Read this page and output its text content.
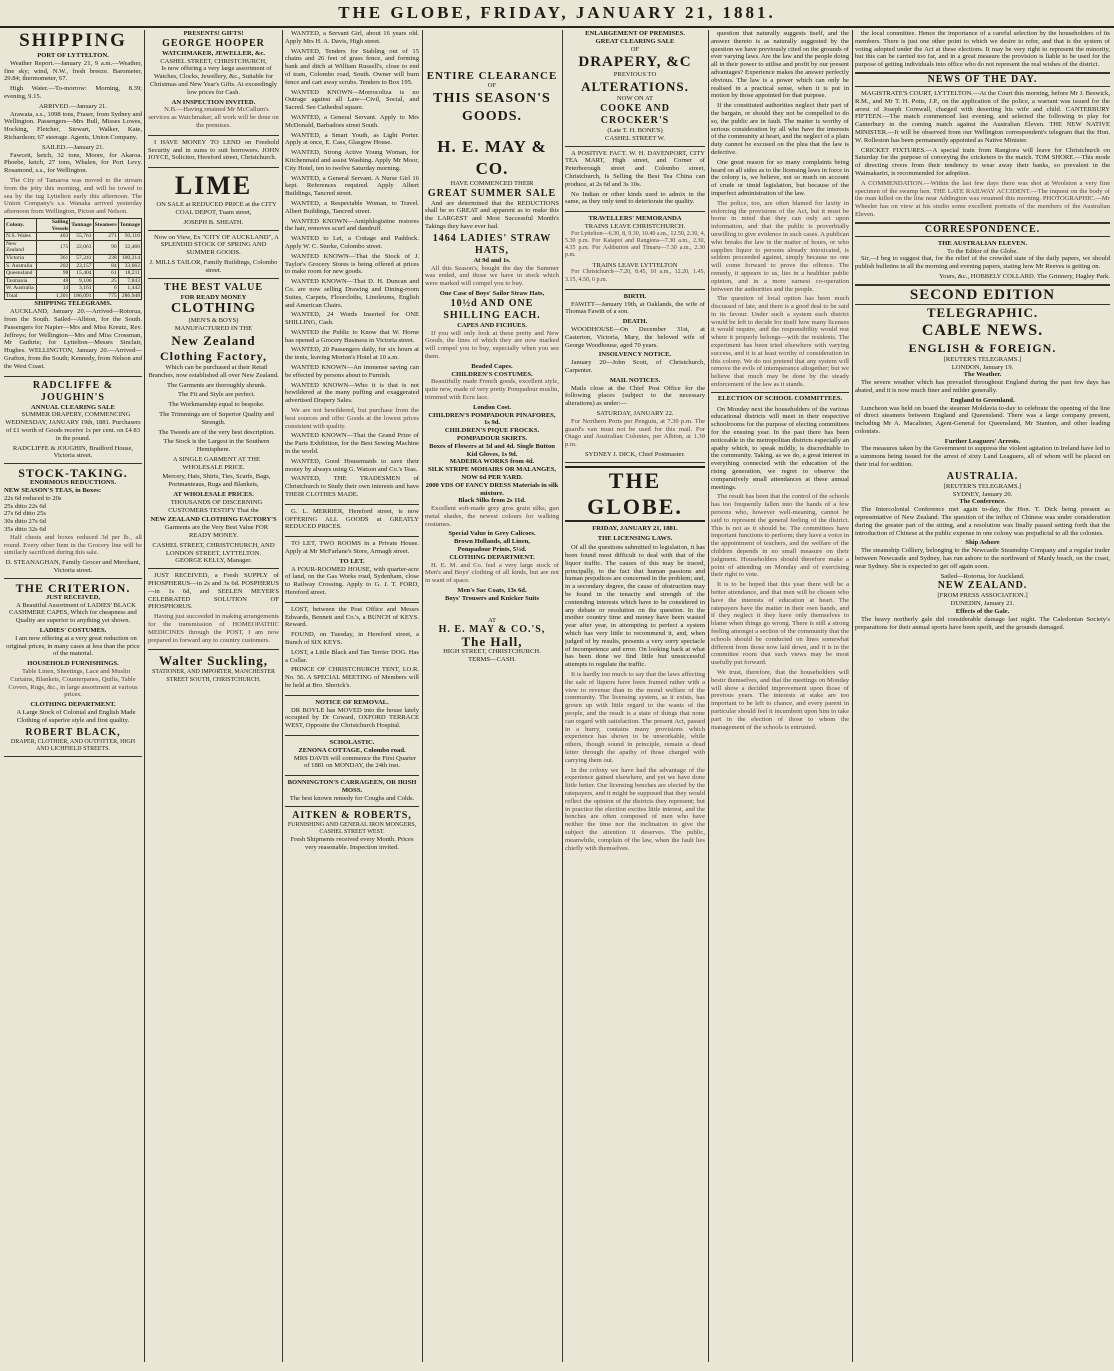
THE GLOBE, FRIDAY, JANUARY 21, 1881.
SHIPPING
PORT OF LYTTELTON.

Weather Report.—January 21, 9 a.m.—Weather, fine sky; wind, N.W., fresh breeze. Barometer, 29.84; thermometer, 67.

High Water.—To-morrow: Morning, 8.39; evening, 9.15.

ARRIVED.—January 21.

Arawata, s.s., 1098 tons, Fraser, from Sydney and Wellington. Passengers—Mrs Bull, Misses Lowes, Hocking, Fletcher, Stewart, Walker, Kate, Richardson; 67 steerage. Agents, Union Company.

SAILED.—January 21.

Fawcett, ketch, 32 tons, Moore, for Akaroa. Phoebe, ketch, 27 tons, Whalen, for Port Levy. Rosamond, s.s., for Wellington.

The City of Tamaroa was moved to the stream from the jetty this morning, and will be towed to sea by the tug Lyttelton early this afternoon. The Union Company's s.s. Wanaka arrived yesterday afternoon from Wellington, Picton and Nelson.

Colony.	Sailing Vessels	Tonnage	Steamers	Tonnage
N.S. Wales	403	55,761	271	93,110
New Zealand	175	22,061	90	32,466
Victoria	361	57,241	238	100,214
S. Australia	202	23,157	84	33,662
Queensland	98	15,404	61	18,211
Tasmania	48	9,106	25	7,843
W. Australia	14	3,161	6	1,442
Total	1,301	186,091	775	286,948
SHIPPING TELEGRAMS.

AUCKLAND, January 20.—Arrived—Rotorua, from the South. Sailed—Albion, for the South. Passengers for Napier—Mrs and Miss Kreutz, Rev. Jeffreys; for Wellington—Mrs and Miss Crossman, Mr Guthrie; for Lyttelton—Messrs Sinclair, Hughes. WELLINGTON, January 20.—Arrived—Grafton, from the South; Kennedy, from Nelson and the West Coast.

RADCLIFFE & JOUGHIN'S
ANNUAL CLEARING SALE

SUMMER DRAPERY, COMMENCING WEDNESDAY, JANUARY 19th, 1881. Purchasers of £1 worth of Goods receive 1s per cent. on £4 83 in the pound.

RADCLIFFE & JOUGHIN, Bradford House, Victoria street.
STOCK-TAKING.
ENORMOUS REDUCTIONS.
NEW SEASON'S TEAS, in Boxes:
22s 6d reduced to 20s
25s ditto 22s 6d
27s 6d ditto 25s
30s ditto 27s 6d
35s ditto 32s 6d

Half chests and boxes reduced 3d per lb., all round. Every other Item in the Grocery line will be similarly sacrificed during this sale.

D. STEANAGHAN, Family Grocer and Merchant, Victoria street.
THE CRITERION.
JUST RECEIVED,

A Beautiful Assortment of LADIES' BLACK CASHMERE CAPES, Which for cheapness and Quality are superior to anything yet shown.

LADIES' COSTUMES.

I am now offering at a very great reduction on original prices, in many cases at less than the price of the material.

HOUSEHOLD FURNISHINGS.

Table Linen, Sheetings, Lace and Muslin Curtains, Blankets, Counterpanes, Quilts, Table Covers, Rugs, &c., in large assortment at various prices.

CLOTHING DEPARTMENT.

A Large Stock of Colonial and English Made Clothing of superior style and first quality.

ROBERT BLACK,
DRAPER, CLOTHIER, AND OUTFITTER, HIGH AND LICHFIELD STREETS.
PRESENTS! GIFTS!
GEORGE HOOPER
WATCHMAKER, JEWELLER, &c.
CASHEL STREET, CHRISTCHURCH,

Is now offering a very large assortment of Watches, Clocks, Jewellery, &c., Suitable for Christmas and New Year's Gifts. At exceedingly low prices for Cash.

AN INSPECTION INVITED.

N.B.—Having retained Mr McCallum's services as Watchmaker, all work will be done on the premises.

I HAVE MONEY TO LEND on Freehold Security and in sums to suit borrowers. JOHN JOYCE, Solicitor, Hereford street, Christchurch.

LIME

ON SALE at REDUCED PRICE at the CITY COAL DEPOT, Tuam street,

JOSEPH B. SHEATH.

Now on View, Ex "CITY OF AUCKLAND", A SPLENDID STOCK OF SPRING AND SUMMER GOODS.

J. MILLS TAILOR, Family Buildings, Colombo street.
THE BEST VALUE
FOR READY MONEY
CLOTHING
(MEN'S & BOYS)
MANUFACTURED IN THE
New Zealand
Clothing Factory,

Which can be purchased at their Retail Branches, now established all over New Zealand.

The Garments are thoroughly shrunk.

The Fit and Style are perfect.

The Workmanship equal to bespoke.

The Trimmings are of Superior Quality and Strength.

The Tweeds are of the very best description.

The Stock is the Largest in the Southern Hemisphere.

A SINGLE GARMENT AT THE WHOLESALE PRICE.

Mercery, Hats, Shirts, Ties, Scarfs, Bags, Portmanteaus, Rugs and Blankets,

AT WHOLESALE PRICES.

THOUSANDS OF DISCERNING CUSTOMERS TESTIFY That the

NEW ZEALAND CLOTHING FACTORY'S

Garments are the Very Best Value FOR READY MONEY.

CASHEL STREET, CHRISTCHURCH, AND LONDON STREET, LYTTELTON.
GEORGE KELLY, Manager.

JUST RECEIVED, a Fresh SUPPLY of PHOSPHERUS—in 2s and 3s 6d. POSPHERUS—in 1s 6d, and SEELEN MEYER'S CELEBRATED SOLUTION OF PHOSPHORUS.

Having just succeeded in making arrangements for the transmission of HOMEOPATHIC MEDICINES through the POST, I am now prepared to forward any to country customers.

Walter Suckling,
STATIONER, AND IMPORTER, MANCHESTER STREET SOUTH, CHRISTCHURCH.

WANTED, a Servant Girl, about 16 years old. Apply Mrs H. A. Davis, High street.

WANTED, Tenders for Stabling out of 15 chains and 26 feet of grass fence, and forming bank and ditch at William Russell's, close to end of tram, Colombo road, South. Owner will burn fence and cart away scrubs. Tenders to Box 195.

WANTED KNOWN—Morrocoliza is no Outrage against all Law—Civil, Social, and Sacred. See Cathedral square.

WANTED, a General Servant. Apply to Mrs McDonald, Barbadoes street South.

WANTED, a Smart Youth, as Light Porter. Apply at once, E. Cass, Glasgow House.

WANTED, Strong Active Young Woman, for Kitchenmaid and assist Washing. Apply Mr Moor, City Hotel, ten to twelve Saturday morning.

WANTED, a General Servant. A Nurse Girl 16 kept. References required. Apply Albert Buildings, Tancred street.

WANTED, a Respectable Woman, to Travel. Albert Buildings, Tancred street.

WANTED KNOWN—Antiphlogistine restores the hair, removes scurf and dandruff.

WANTED to Let, a Cottage and Paddock. Apply W. C. Sturke, Colombo street.

WANTED KNOWN—That the Stock of J. Taylor's Grocery Stores is being offered at prices to make room for new goods.

WANTED KNOWN—That D. H. Duncan and Co. are now selling Drawing and Dining-room Suites, Carpets, Floorcloths, Linoleums, English and American Chairs.

WANTED, 24 Words Inserted for ONE SHILLING, Cash.

WANTED the Public to Know that W. Horne has opened a Grocery Business in Victoria street.

WANTED, 20 Passengers daily, for six hours at the tents, leaving Morton's Hotel at 10 a.m.

WANTED KNOWN—An immense saving can be effected by persons about to Furnish.

WANTED KNOWN—Who it is that is not bewildered at the many puffing and exaggerated advertised Drapery Sales.

We are not bewildered, but purchase from the best sources and offer Goods at the lowest prices consistent with quality.

WANTED KNOWN—That the Grand Prize of the Paris Exhibition, for the Best Sewing Machine in the world.

WANTED, Good Housemaids to save their money by always using G. Watson and Co.'s Teas.

WANTED, THE TRADESMEN of Christchurch to Study their own interests and have THEIR CLOTHES MADE.

G. L. MERRIER, Hereford street, is now OFFERING ALL GOODS at GREATLY REDUCED PRICES.

TO LET, TWO ROOMS in a Private House. Apply at Mr McFarlane's Store, Armagh street.

TO LET.

A FOUR-ROOMED HOUSE, with quarter-acre of land, on the Gas Works road, Sydenham, close to Railway Crossing. Apply to G. J. T. FORD, Hereford street.

LOST, between the Post Office and Messrs Edwards, Bennett and Co.'s, a BUNCH of KEYS. Reward.

FOUND, on Tuesday, in Hereford street, a Bunch of SIX KEYS.

LOST, a Little Black and Tan Terrier DOG. Has a Collar.

PRINCE OF CHRISTCHURCH TENT, I.O.R. No. 56. A SPECIAL MEETING of Members will be held at Bro. Sherick's.

NOTICE OF REMOVAL.

DR BOYLE has MOVED into the house lately occupied by Dr Coward, OXFORD TERRACE WEST, Opposite the Christchurch Hospital.

SCHOLASTIC.
ZENONA COTTAGE, Colombo road.

MRS DAVIS will commence the First Quarter of 1881 on MONDAY, the 24th inst.

BONNINGTON'S CARRAGEEN, OR IRISH MOSS.
The best known remedy for Coughs and Colds.
AITKEN & ROBERTS,
FURNISHING AND GENERAL IRON MONGERS, CASHEL STREET WEST.
Fresh Shipments received every Month. Prices very reasonable. Inspection invited.
ENTIRE CLEARANCE
OF
THIS SEASON'S
GOODS.
H. E. MAY & CO.
HAVE COMMENCED THEIR
GREAT SUMMER SALE

And are determined that the REDUCTIONS shall be so GREAT and apparent as to make this the LARGEST and Most Successful Month's Takings they have ever had.

1464 LADIES' STRAW HATS,
At 9d and 1s.

All this Season's, bought the day the Summer was ended, and those we have in stock which were marked will compel you to buy.

One Case of Boys' Sailor Straw Hats,
10½d AND ONE SHILLING EACH.
CAPES AND FICHUES.

If you will only look at these pretty and New Goods, the lines of which they are now marked will compel you to buy, especially when you see them.

Beaded Capes.
CHILDREN'S COSTUMES.

Beautifully made French goods, excellent style, quite new, made of very pretty Pompadour muslin, trimmed with Ecru lace.

London Cost.
CHILDREN'S POMPADOUR PINAFORES, 1s 9d.
CHILDREN'S PIQUE FROCKS.
POMPADOUR SKIRTS.
Boxes of Flowers at 3d and 4d. Single Button Kid Gloves, 1s 9d.
MADEIRA WORKS from 4d.
SILK STRIPE MOHAIRS OR MALANGES, NOW 6d PER YARD.
2000 YDS OF FANCY DRESS Materials in silk mixture.
Black Silks from 2s 11d.

Excellent soft-made grey gros grain silks, gun metal shades, the newest colours for walking costumes.

Special Value in Grey Calicoes.
Brown Hollands, all Linen,
Pompadour Prints, 5½d.
CLOTHING DEPARTMENT.

H. E. M. and Co. feel a very large stock of Men's and Boys' clothing of all kinds, but are not in want of space.

Men's Sac Coats, 13s 6d.
Boys' Trousers and Knicker Suits
AT
H. E. MAY & CO.'S,
The Hall,
HIGH STREET, CHRISTCHURCH.
TERMS—CASH.
ENLARGEMENT OF PREMISES.
GREAT CLEARING SALE
OF
DRAPERY, &C
PREVIOUS TO
ALTERATIONS.
NOW ON AT
COOKE AND CROCKER'S
(Late T. H. BONE'S)
CASHEL STREET W.

A POSITIVE FACT. W. H. DAVENPORT, CITY TEA MART, High street, and Corner of Peterborough street and Colombo street, Christchurch, Is Selling the Best Tea China can produce, at 2s 6d and 3s 10s.

No Indian or other kinds used to admix in the same, as they only tend to deteriorate the quality.

TRAVELLERS' MEMORANDA
TRAINS LEAVE CHRISTCHURCH.

For Lyttelton—6.30, 8, 9.30, 10.40 a.m., 12.50, 2.30, 4, 5.30 p.m. For Kaiapoi and Rangiora—7.30 a.m., 2.30, 4.35 p.m. For Ashburton and Timaru—7.30 a.m., 2.30 p.m.

TRAINS LEAVE LYTTELTON

For Christchurch—7.20, 8.45, 10 a.m., 12.20, 1.45, 3.15, 4.50, 6 p.m.

BIRTH.

FAWITT—January 19th, at Oaklands, the wife of Thomas Fawitt of a son.

DEATH.

WOODHOUSE—On December 31st, at Casterton, Victoria, Mary, the beloved wife of George Woodhouse, aged 70 years.

INSOLVENCY NOTICE.

January 20—John Scott, of Christchurch, Carpenter.

MAIL NOTICES.

Mails close at the Chief Post Office for the following places (subject to the necessary alterations) as under:—

SATURDAY, JANUARY 22.

For Northern Ports per Penguin, at 7.30 p.m. The guard's van must not be used for this mail. For Otago and Australian Colonies, per Albion, at 1.30 p.m.

SYDNEY J. DICK, Chief Postmaster.
THE GLOBE.
FRIDAY, JANUARY 21, 1881.
THE LICENSING LAWS.

Of all the questions submitted to legislation, it has been found most difficult to deal with that of the liquor traffic. The causes of this may be traced, principally, to the fact that human passions and human prejudices are concerned in the problem; and, in a secondary degree, the cause of obstruction may be found in the tenacity and strength of the contending interests which have to be considered in any debate or resolution on the question. In the mother country time and money have been wasted year after year, in attempting to perfect a system which has very little to recommend it, and, when judged of by results, presents a very sorry spectacle of incompetence and error. On looking back at what has been done we find little but unsuccessful attempts to regulate the traffic.

It is hardly too much to say that the laws affecting the sale of liquors have been framed rather with a view to revenue than to the moral welfare of the community. The licensing system, as it exists, has grown up with little regard to the wants of the people, and the result is a state of things that none can regard with satisfaction. The present Act, passed in a hurry, contains many provisions which experience has shown to be unworkable, while others, though sound in principle, remain a dead letter through the apathy of those charged with carrying them out.

In the colony we have had the advantage of the experience gained elsewhere, and yet we have done little better. Our licensing benches are elected by the ratepayers, and it might be supposed that they would reflect the opinion of the districts they represent; but in practice the election excites little interest, and the benches are often composed of men who have neither the time nor the inclination to give the subject the attention it deserves. The public, meanwhile, complain of the law, when the fault lies chiefly with themselves.

question that naturally suggests itself, and the answer thereto is as naturally suggested by the question we have previously cited on the grounds of ever varying laws. Are the law and the people doing all in their power to utilise and profit by our present advantages? Experience makes the answer perfectly obvious. The law is a power which can only be realised in a practical sense, when it is put in motion by those appointed for that purpose.

If the constituted authorities neglect their part of the bargain, or should they not be compelled to do so, the public are in fault. The matter is worthy of serious consideration by all who have the interests of the community at heart, and the neglect of a plain duty cannot be excused on the plea that the law is defective.

One great reason for so many complaints being heard on all sides as to the licensing laws in force in the colony is, we believe, not so much on account of crude or timid legislation, but because of the imperfect administration of the law.

The police, too, are often blamed for laxity in enforcing the provisions of the Act, but it must be borne in mind that they can only act upon information, and that the public is proverbially unwilling to give evidence in such cases. A publican who breaks the law in the matter of hours, or who supplies liquor to persons already intoxicated, is seldom proceeded against, simply because no one will come forward to prove the offence. The remedy, it appears to us, lies in a healthier public opinion, and in a more earnest co-operation between the authorities and the people.

The question of local option has been much discussed of late, and there is a good deal to be said in its favour. Under such a system each district would be left to decide for itself how many licenses it would require, and the responsibility would rest where it properly belongs—with the residents. The experiment has been tried elsewhere with varying success, and it is at least worthy of consideration in this colony. We do not pretend that any system will remove the evils of intemperance altogether; but we believe that much may be done by the steady enforcement of the law as it stands.

ELECTION OF SCHOOL COMMITTEES.

On Monday next the householders of the various educational districts will meet in their respective schoolrooms for the purpose of electing committees for the ensuing year. In the past there has been noticeable in the metropolitan districts especially an apathy which, to speak mildly, is discreditable to the community. Taking, as we do, a great interest in everything connected with the education of the rising generation, we regret to observe the comparatively small attendances at these annual meetings.

The result has been that the control of the schools has too frequently fallen into the hands of a few persons who, however well-meaning, cannot be said to represent the general feeling of the district. This is not as it should be. The committees have important functions to perform; they have a voice in the appointment of teachers, and the welfare of the children depends in no small measure on their judgment. Householders should therefore make a point of attending on Monday and of exercising their right to vote.

It is to be hoped that this year there will be a better attendance, and that men will be chosen who have the interests of education at heart. The ratepayers have the matter in their own hands, and if they neglect it they have only themselves to blame when things go wrong. There is still a strong feeling amongst a section of the community that the schools should be conducted on lines somewhat different from those now laid down, and it is in the committee room that such views may be most usefully put forward.

We trust, therefore, that the householders will bestir themselves, and that the meetings on Monday will show a decided improvement upon those of previous years. The interests at stake are too important to be left to chance, and every parent in particular should feel it incumbent upon him to take part in the election of those to whom the management of the schools is entrusted.

the local committee. Hence the importance of a careful selection by the householders of its members. There is just one other point to which we desire to refer, and that is the system of voting adopted under the Act at these elections. It may be very right to represent the minority, but this can be carried too far, and in a great measure the provision is liable to be used for the purpose of getting individuals into office who do not represent the real wishes of the district.

NEWS OF THE DAY.

MAGISTRATE'S COURT, LYTTELTON.—At the Court this morning, before Mr J. Beswick, R.M., and Mr T. H. Potts, J.P., on the application of the police, a warrant was issued for the arrest of Joseph Cornwall, charged with deserting his wife and child. CANTERBURY FIFTEEN.—The match commenced last evening, and selected the following to play for Canterbury in the coming match against the Australian Eleven. THE NEW NATIVE MINISTER.—It will be observed from our Wellington correspondent's telegram that the Hon. W. Rolleston has been permanently appointed as Native Minister.

CRICKET FIXTURES.—A special train from Rangiora will leave for Christchurch on Saturday for the purpose of conveying the cricketers to the match. TOM SHORE.—This mode of directing rivers from their tendency to wear away their banks, so prevalent in the Waimakariri, is recommended for adoption.

A COMMENDATION.—Within the last few days there was shot at Woolston a very fine specimen of the swamp hen. THE LATE RAILWAY ACCIDENT.—The inquest on the body of the man killed on the line near Addington was resumed this morning. PHOTOGRAPHIC.—Mr Wheeler has on view at his studio some excellent portraits of the members of the Australian Eleven.

CORRESPONDENCE.
THE AUSTRALIAN ELEVEN.
To the Editor of the Globe.

Sir,—I beg to suggest that, for the relief of the crowded state of the daily papers, we should publish bulletins in all the morning and evening papers, stating how Mr Reeves is getting on.

Yours, &c., HOBBELY COLLARD. The Grinnery, Hagley Park.
SECOND EDITION
TELEGRAPHIC.
CABLE NEWS.
ENGLISH & FOREIGN.
[REUTER'S TELEGRAMS.]
LONDON, January 19.
The Weather.

The severe weather which has prevailed throughout England during the past few days has abated, and it is now much finer and milder generally.

England to Greenland.

Luncheon was held on board the steamer Moldavia to-day to celebrate the opening of the line of direct steamers between England and Queensland. There was a large company present, including Mr A. Macalister, Agent-General for Queensland, Mr Stanton, and other leading colonists.

Further Leaguers' Arrests.

The measures taken by the Government to suppress the violent agitation in Ireland have led to a summons being issued for the arrest of sixty Land Leaguers, all of whom will be placed on their trial for sedition.

AUSTRALIA.
[REUTER'S TELEGRAMS.]
SYDNEY, January 20.
The Conference.

The Intercolonial Conference met again to-day, the Hon. T. Dick being present as representative of New Zealand. The question of the influx of Chinese was under consideration during the greater part of the sitting, and a resolution was finally passed setting forth that the introduction of Chinese at the public expense in one colony was prejudicial to all the colonies.

Ship Ashore

The steamship Colliery, belonging to the Newcastle Steamship Company and a regular trader between Newcastle and Sydney, has run ashore to the northward of Manly beach, on the coast, near Sydney. She is expected to get off again soon.

Sailed—Rotorua, for Auckland.
NEW ZEALAND.
[FROM PRESS ASSOCIATION.]
DUNEDIN, January 21.
Effects of the Gale.

The heavy northerly gale did considerable damage last night. The Caledonian Society's preparations for their annual sports have been spoilt, and the grounds damaged.
